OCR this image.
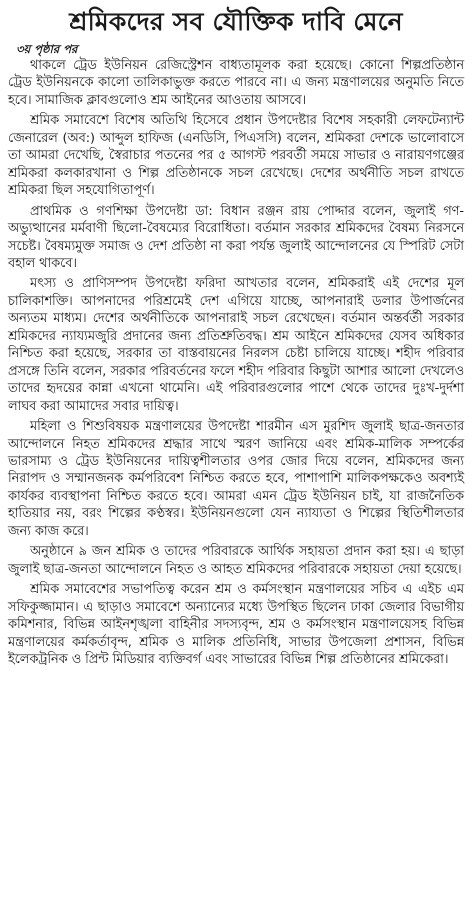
শ্রমিকদের সব যৌক্তিক দাবি মেনে
৩য় পৃষ্ঠার পর

থাকলে ট্রেড ইউনিয়ন রেজিস্ট্রেশন বাধ্যতামূলক করা হয়েছে। কোনো শিল্পপ্রতিষ্ঠান ট্রেড ইউনিয়নকে কালো তালিকাভুক্ত করতে পারবে না। এ জন্য মন্ত্রণালয়ের অনুমতি নিতে হবে। সামাজিক ক্লাবগুলোও শ্রম আইনের আওতায় আসবে।

শ্রমিক সমাবেশে বিশেষ অতিথি হিসেবে প্রধান উপদেষ্টার বিশেষ সহকারী লেফটেন্যান্ট জেনারেল (অব:) আব্দুল হাফিজ (এনডিসি, পিএসসি) বলেন, শ্রমিকরা দেশকে ভালোবাসে তা আমরা দেখেছি, স্বৈরাচার পতনের পর ৫ আগস্ট পরবর্তী সময়ে সাভার ও নারায়ণগঞ্জের শ্রমিকরা কলকারখানা ও শিল্প প্রতিষ্ঠানকে সচল রেখেছে। দেশের অর্থনীতি সচল রাখতে শ্রমিকরা ছিল সহযোগিতাপূর্ণ।

প্রাথমিক ও গণশিক্ষা উপদেষ্টা ডা: বিধান রঞ্জন রায় পোদ্দার বলেন, জুলাই গণ-অভ্যুত্থানের মর্মবাণী ছিলো-বৈষম্যের বিরোধিতা। বর্তমান সরকার শ্রমিকদের বৈষম্য নিরসনে সচেষ্ট। বৈষম্যমুক্ত সমাজ ও দেশ প্রতিষ্ঠা না করা পর্যন্ত জুলাই আন্দোলনের যে স্পিরিট সেটা বহাল থাকবে।

মৎস্য ও প্রাণিসম্পদ উপদেষ্টা ফরিদা আখতার বলেন, শ্রমিকরাই এই দেশের মূল চালিকাশক্তি। আপনাদের পরিশ্রমেই দেশ এগিয়ে যাচ্ছে, আপনারাই ডলার উপার্জনের অন্যতম মাধ্যম। দেশের অর্থনীতিকে আপনারাই সচল রেখেছেন। বর্তমান অন্তর্বর্তী সরকার শ্রমিকদের ন্যায্যমজুরি প্রদানের জন্য প্রতিশ্রুতিবদ্ধ। শ্রম আইনে শ্রমিকদের যেসব অধিকার নিশ্চিত করা হয়েছে, সরকার তা বাস্তবায়নের নিরলস চেষ্টা চালিয়ে যাচ্ছে। শহীদ পরিবার প্রসঙ্গে তিনি বলেন, সরকার পরিবর্তনের ফলে শহীদ পরিবার কিছুটা আশার আলো দেখলেও তাদের হৃদয়ের কান্না এখনো থামেনি। এই পরিবারগুলোর পাশে থেকে তাদের দুঃখ-দুর্দশা লাঘব করা আমাদের সবার দায়িত্ব।

মহিলা ও শিশুবিষয়ক মন্ত্রণালয়ের উপদেষ্টা শারমীন এস মুরশিদ জুলাই ছাত্র-জনতার আন্দোলনে নিহত শ্রমিকদের শ্রদ্ধার সাথে স্মরণ জানিয়ে এবং শ্রমিক-মালিক সম্পর্কের ভারসাম্য ও ট্রেড ইউনিয়নের দায়িত্বশীলতার ওপর জোর দিয়ে বলেন, শ্রমিকদের জন্য নিরাপদ ও সম্মানজনক কর্মপরিবেশ নিশ্চিত করতে হবে, পাশাপাশি মালিকপক্ষকেও অবশ্যই কার্যকর ব্যবস্থাপনা নিশ্চিত করতে হবে। আমরা এমন ট্রেড ইউনিয়ন চাই, যা রাজনৈতিক হাতিয়ার নয়, বরং শিল্পের কণ্ঠস্বর। ইউনিয়নগুলো যেন ন্যায্যতা ও শিল্পের স্থিতিশীলতার জন্য কাজ করে।

অনুষ্ঠানে ৯ জন শ্রমিক ও তাদের পরিবারকে আর্থিক সহায়তা প্রদান করা হয়। এ ছাড়া জুলাই ছাত্র-জনতা আন্দোলনে নিহত ও আহত শ্রমিকদের পরিবারকে সহায়তা দেয়া হয়েছে।

শ্রমিক সমাবেশের সভাপতিত্ব করেন শ্রম ও কর্মসংস্থান মন্ত্রণালয়ের সচিব এ এইচ এম সফিকুজ্জামান। এ ছাড়াও সমাবেশে অন্যান্যের মধ্যে উপস্থিত ছিলেন ঢাকা জেলার বিভাগীয় কমিশনার, বিভিন্ন আইনশৃঙ্খলা বাহিনীর সদস্যবৃন্দ, শ্রম ও কর্মসংস্থান মন্ত্রণালয়েসহ বিভিন্ন মন্ত্রণালয়ের কর্মকর্তাবৃন্দ, শ্রমিক ও মালিক প্রতিনিধি, সাভার উপজেলা প্রশাসন, বিভিন্ন ইলেকট্রনিক ও প্রিন্ট মিডিয়ার ব্যক্তিবর্গ এবং সাভারের বিভিন্ন শিল্প প্রতিষ্ঠানের শ্রমিকেরা।
